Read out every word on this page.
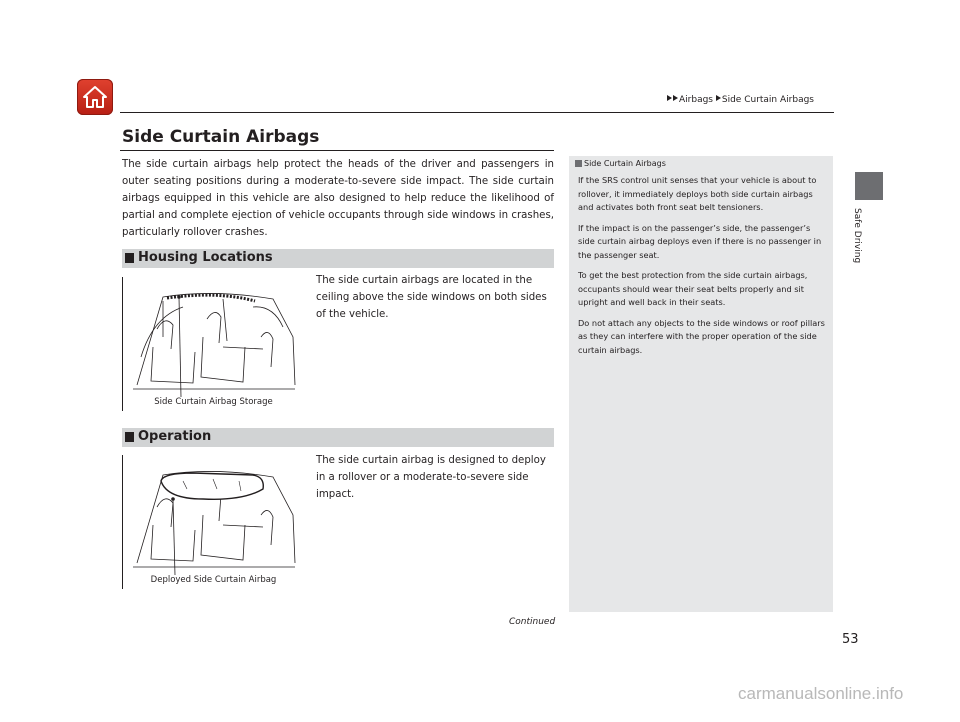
Airbags Side Curtain Airbags
Safe Driving
Side Curtain Airbags
The side curtain airbags help protect the heads of the driver and passengers in outer seating positions during a moderate-to-severe side impact. The side curtain airbags equipped in this vehicle are also designed to help reduce the likelihood of partial and complete ejection of vehicle occupants through side windows in crashes, particularly rollover crashes.
Housing Locations
Side Curtain Airbag Storage
The side curtain airbags are located in the ceiling above the side windows on both sides of the vehicle.
Operation
Deployed Side Curtain Airbag
The side curtain airbag is designed to deploy in a rollover or a moderate-to-severe side impact.
Side Curtain Airbags

If the SRS control unit senses that your vehicle is about to rollover, it immediately deploys both side curtain airbags and activates both front seat belt tensioners.

If the impact is on the passenger’s side, the passenger’s side curtain airbag deploys even if there is no passenger in the passenger seat.

To get the best protection from the side curtain airbags, occupants should wear their seat belts properly and sit upright and well back in their seats.

Do not attach any objects to the side windows or roof pillars as they can interfere with the proper operation of the side curtain airbags.

Continued
53
carmanualsonline.info
